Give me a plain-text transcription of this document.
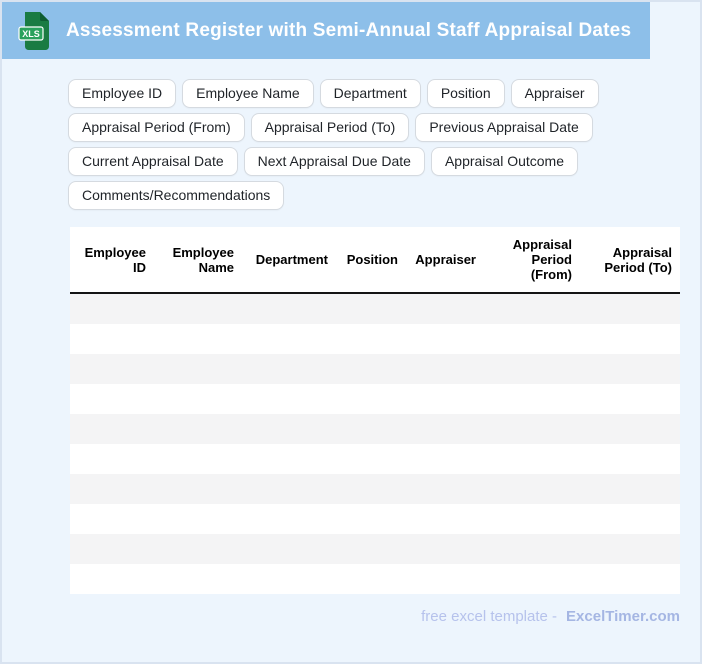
XLS Assessment Register with Semi-Annual Staff Appraisal Dates
Employee ID	Employee Name	Department	Position	Appraiser
Appraisal Period (From)	Appraisal Period (To)	Previous Appraisal Date
Current Appraisal Date	Next Appraisal Due Date	Appraisal Outcome
Comments/Recommendations
Employee ID	Employee Name	Department	Position	Appraiser	Appraisal Period (From)	Appraisal Period (To)

free excel template - ExcelTimer.com
